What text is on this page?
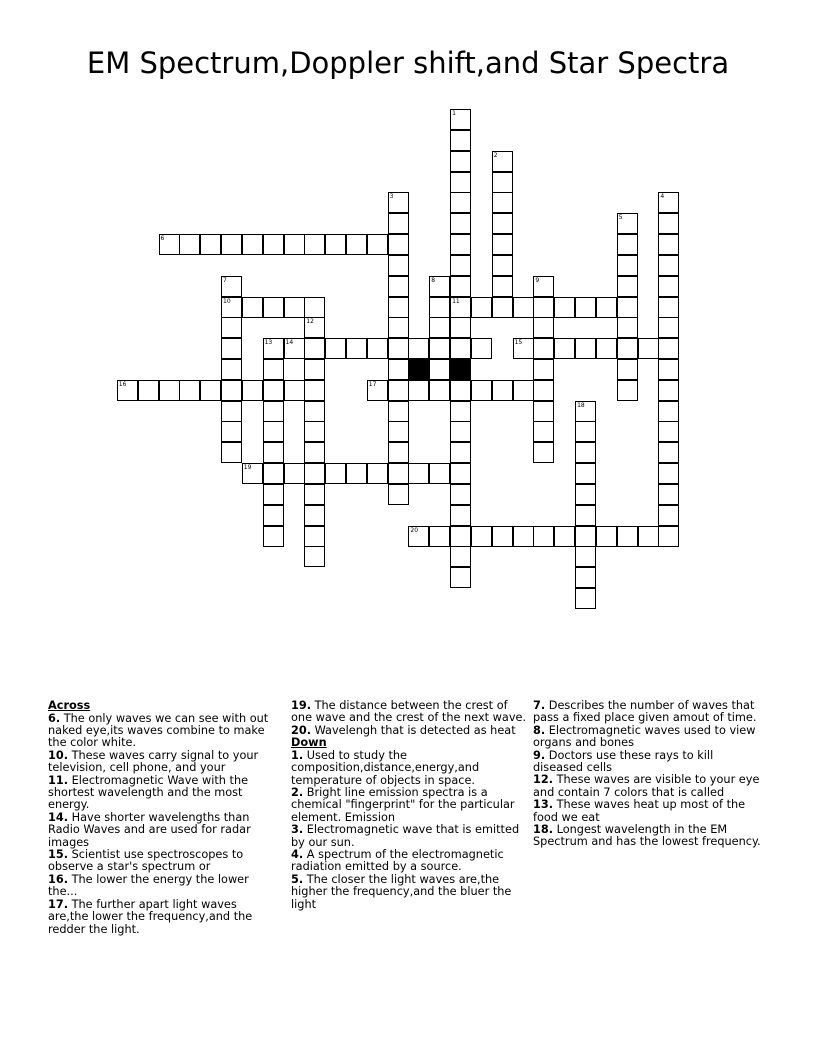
EM Spectrum,Doppler shift,and Star Spectra
1
11
2
3	4
5
6
7
10
8	9
12
13 14	15
16	17
18
19
20
Across
6. The only waves we can see with out naked eye,its waves combine to make the color white.
10. These waves carry signal to your television, cell phone, and your
11. Electromagnetic Wave with the shortest wavelength and the most energy.
14. Have shorter wavelengths than Radio Waves and are used for radar images
15. Scientist use spectroscopes to observe a star's spectrum or
16. The lower the energy the lower the...
17. The further apart light waves are,the lower the frequency,and the redder the light.
19. The distance between the crest of one wave and the crest of the next wave.
20. Wavelengh that is detected as heat
Down
1. Used to study the composition,distance,energy,and temperature of objects in space.
2. Bright line emission spectra is a chemical "fingerprint" for the particular element. Emission
3. Electromagnetic wave that is emitted by our sun.
4. A spectrum of the electromagnetic radiation emitted by a source.
5. The closer the light waves are,the higher the frequency,and the bluer the light
7. Describes the number of waves that pass a fixed place given amout of time.
8. Electromagnetic waves used to view organs and bones
9. Doctors use these rays to kill diseased cells
12. These waves are visible to your eye and contain 7 colors that is called
13. These waves heat up most of the food we eat
18. Longest wavelength in the EM Spectrum and has the lowest frequency.
